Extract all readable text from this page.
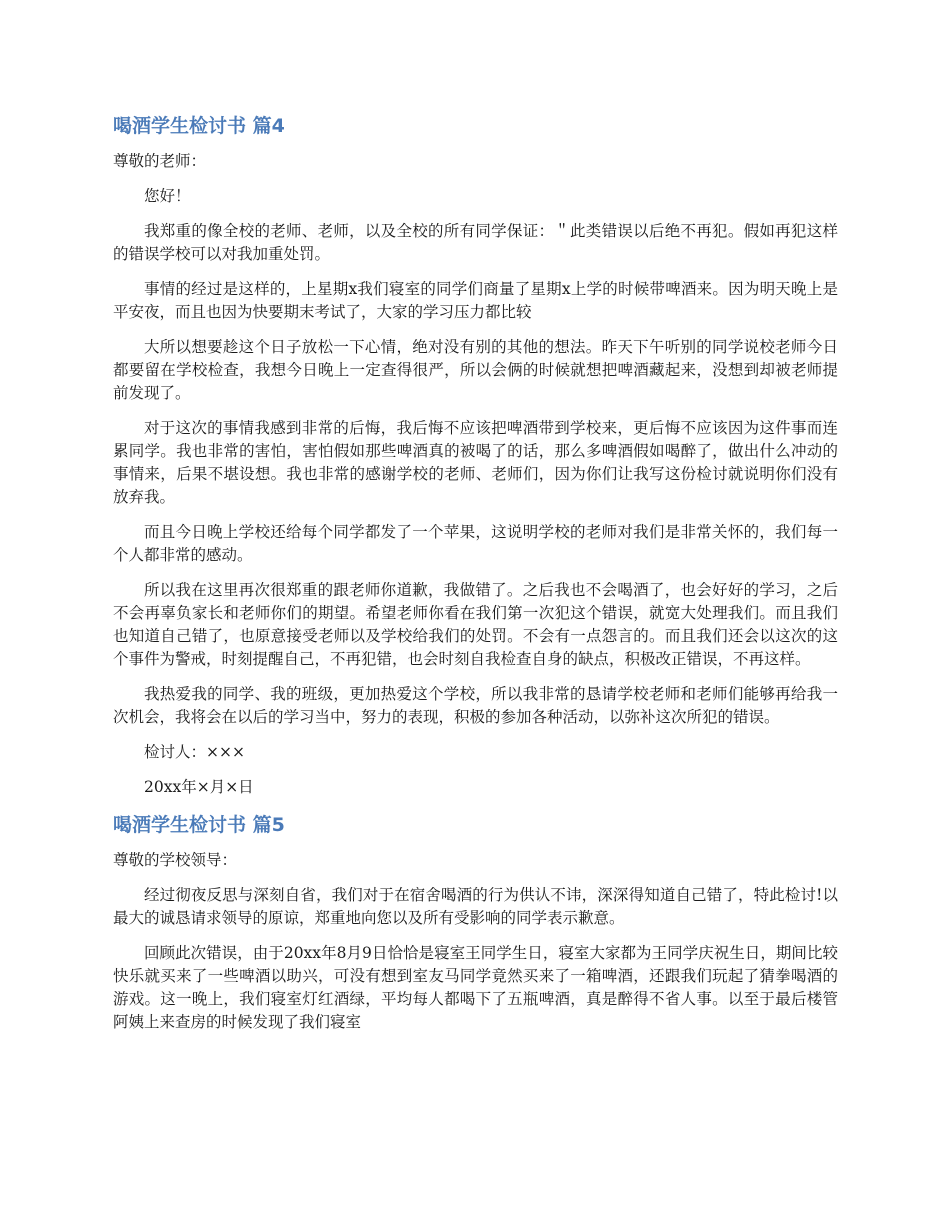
喝酒学生检讨书 篇4

尊敬的老师：

您好！

我郑重的像全校的老师、老师，以及全校的所有同学保证：＂此类错误以后绝不再犯。假如再犯这样的错误学校可以对我加重处罚。

事情的经过是这样的，上星期x我们寝室的同学们商量了星期x上学的时候带啤酒来。因为明天晚上是平安夜，而且也因为快要期末考试了，大家的学习压力都比较

大所以想要趁这个日子放松一下心情，绝对没有别的其他的想法。昨天下午听别的同学说校老师今日都要留在学校检查，我想今日晚上一定查得很严，所以会俩的时候就想把啤酒藏起来，没想到却被老师提前发现了。

对于这次的事情我感到非常的后悔，我后悔不应该把啤酒带到学校来，更后悔不应该因为这件事而连累同学。我也非常的害怕，害怕假如那些啤酒真的被喝了的话，那么多啤酒假如喝醉了，做出什么冲动的事情来，后果不堪设想。我也非常的感谢学校的老师、老师们，因为你们让我写这份检讨就说明你们没有放弃我。

而且今日晚上学校还给每个同学都发了一个苹果，这说明学校的老师对我们是非常关怀的，我们每一个人都非常的感动。

所以我在这里再次很郑重的跟老师你道歉，我做错了。之后我也不会喝酒了，也会好好的学习，之后不会再辜负家长和老师你们的期望。希望老师你看在我们第一次犯这个错误，就宽大处理我们。而且我们也知道自己错了，也原意接受老师以及学校给我们的处罚。不会有一点怨言的。而且我们还会以这次的这个事件为警戒，时刻提醒自己，不再犯错，也会时刻自我检查自身的缺点，积极改正错误，不再这样。

我热爱我的同学、我的班级，更加热爱这个学校，所以我非常的恳请学校老师和老师们能够再给我一次机会，我将会在以后的学习当中，努力的表现，积极的参加各种活动，以弥补这次所犯的错误。

检讨人：×××

20xx年×月×日

喝酒学生检讨书 篇5

尊敬的学校领导：

经过彻夜反思与深刻自省，我们对于在宿舍喝酒的行为供认不讳，深深得知道自己错了，特此检讨!以最大的诚恳请求领导的原谅，郑重地向您以及所有受影响的同学表示歉意。

回顾此次错误，由于20xx年8月9日恰恰是寝室王同学生日，寝室大家都为王同学庆祝生日，期间比较快乐就买来了一些啤酒以助兴，可没有想到室友马同学竟然买来了一箱啤酒，还跟我们玩起了猜拳喝酒的游戏。这一晚上，我们寝室灯红酒绿，平均每人都喝下了五瓶啤酒，真是醉得不省人事。以至于最后楼管阿姨上来查房的时候发现了我们寝室
